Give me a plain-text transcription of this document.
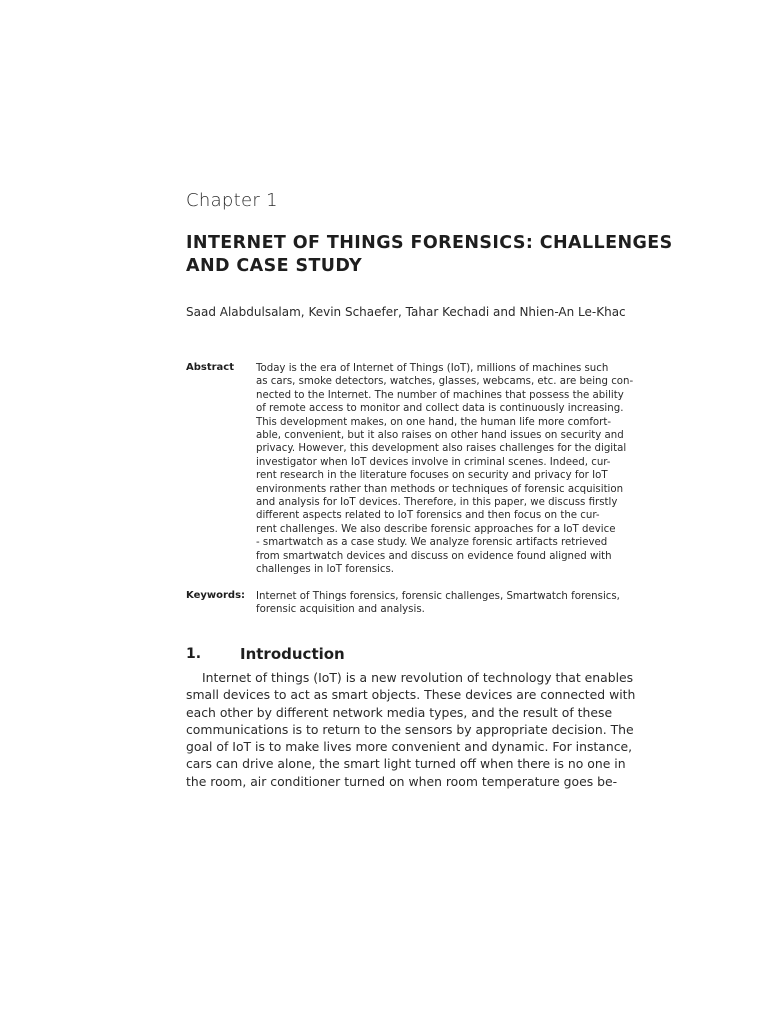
Chapter 1
INTERNET OF THINGS FORENSICS: CHALLENGES
AND CASE STUDY
Saad Alabdulsalam, Kevin Schaefer, Tahar Kechadi and Nhien-An Le-Khac
Abstract Today is the era of Internet of Things (IoT), millions of machines such
as cars, smoke detectors, watches, glasses, webcams, etc. are being con-
nected to the Internet. The number of machines that possess the ability
of remote access to monitor and collect data is continuously increasing.
This development makes, on one hand, the human life more comfort-
able, convenient, but it also raises on other hand issues on security and
privacy. However, this development also raises challenges for the digital
investigator when IoT devices involve in criminal scenes. Indeed, cur-
rent research in the literature focuses on security and privacy for IoT
environments rather than methods or techniques of forensic acquisition
and analysis for IoT devices. Therefore, in this paper, we discuss firstly
different aspects related to IoT forensics and then focus on the cur-
rent challenges. We also describe forensic approaches for a IoT device
- smartwatch as a case study. We analyze forensic artifacts retrieved
from smartwatch devices and discuss on evidence found aligned with
challenges in IoT forensics.
Keywords: Internet of Things forensics, forensic challenges, Smartwatch forensics,
forensic acquisition and analysis.
1.	Introduction
Internet of things (IoT) is a new revolution of technology that enables
small devices to act as smart objects. These devices are connected with
each other by different network media types, and the result of these
communications is to return to the sensors by appropriate decision. The
goal of IoT is to make lives more convenient and dynamic. For instance,
cars can drive alone, the smart light turned off when there is no one in
the room, air conditioner turned on when room temperature goes be-
